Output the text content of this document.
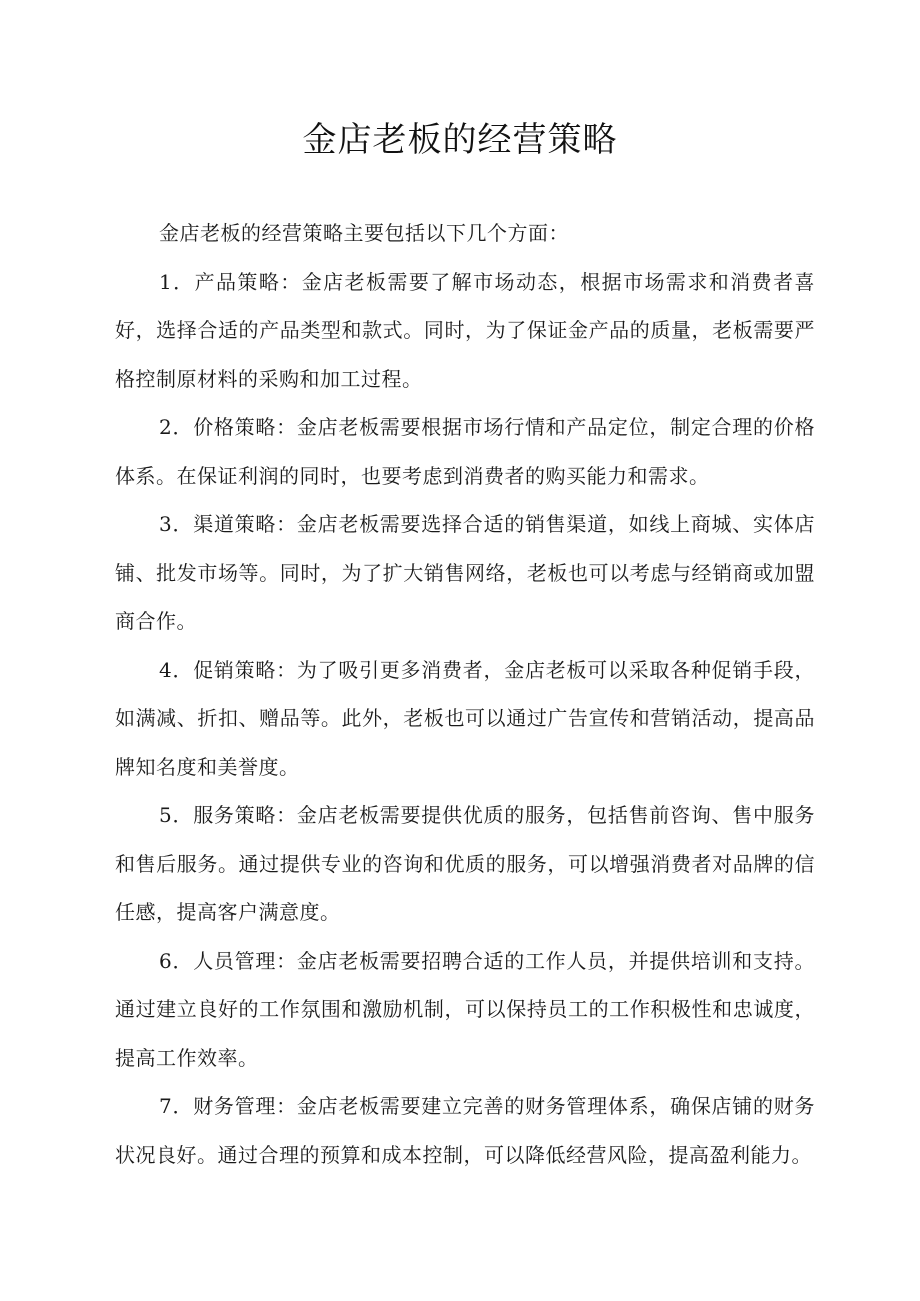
金店老板的经营策略

金店老板的经营策略主要包括以下几个方面：

1．产品策略：金店老板需要了解市场动态，根据市场需求和消费者喜好，选择合适的产品类型和款式。同时，为了保证金产品的质量，老板需要严格控制原材料的采购和加工过程。

2．价格策略：金店老板需要根据市场行情和产品定位，制定合理的价格体系。在保证利润的同时，也要考虑到消费者的购买能力和需求。

3．渠道策略：金店老板需要选择合适的销售渠道，如线上商城、实体店铺、批发市场等。同时，为了扩大销售网络，老板也可以考虑与经销商或加盟商合作。

4．促销策略：为了吸引更多消费者，金店老板可以采取各种促销手段，如满减、折扣、赠品等。此外，老板也可以通过广告宣传和营销活动，提高品牌知名度和美誉度。

5．服务策略：金店老板需要提供优质的服务，包括售前咨询、售中服务和售后服务。通过提供专业的咨询和优质的服务，可以增强消费者对品牌的信任感，提高客户满意度。

6．人员管理：金店老板需要招聘合适的工作人员，并提供培训和支持。通过建立良好的工作氛围和激励机制，可以保持员工的工作积极性和忠诚度，提高工作效率。

7．财务管理：金店老板需要建立完善的财务管理体系，确保店铺的财务状况良好。通过合理的预算和成本控制，可以降低经营风险，提高盈利能力。
